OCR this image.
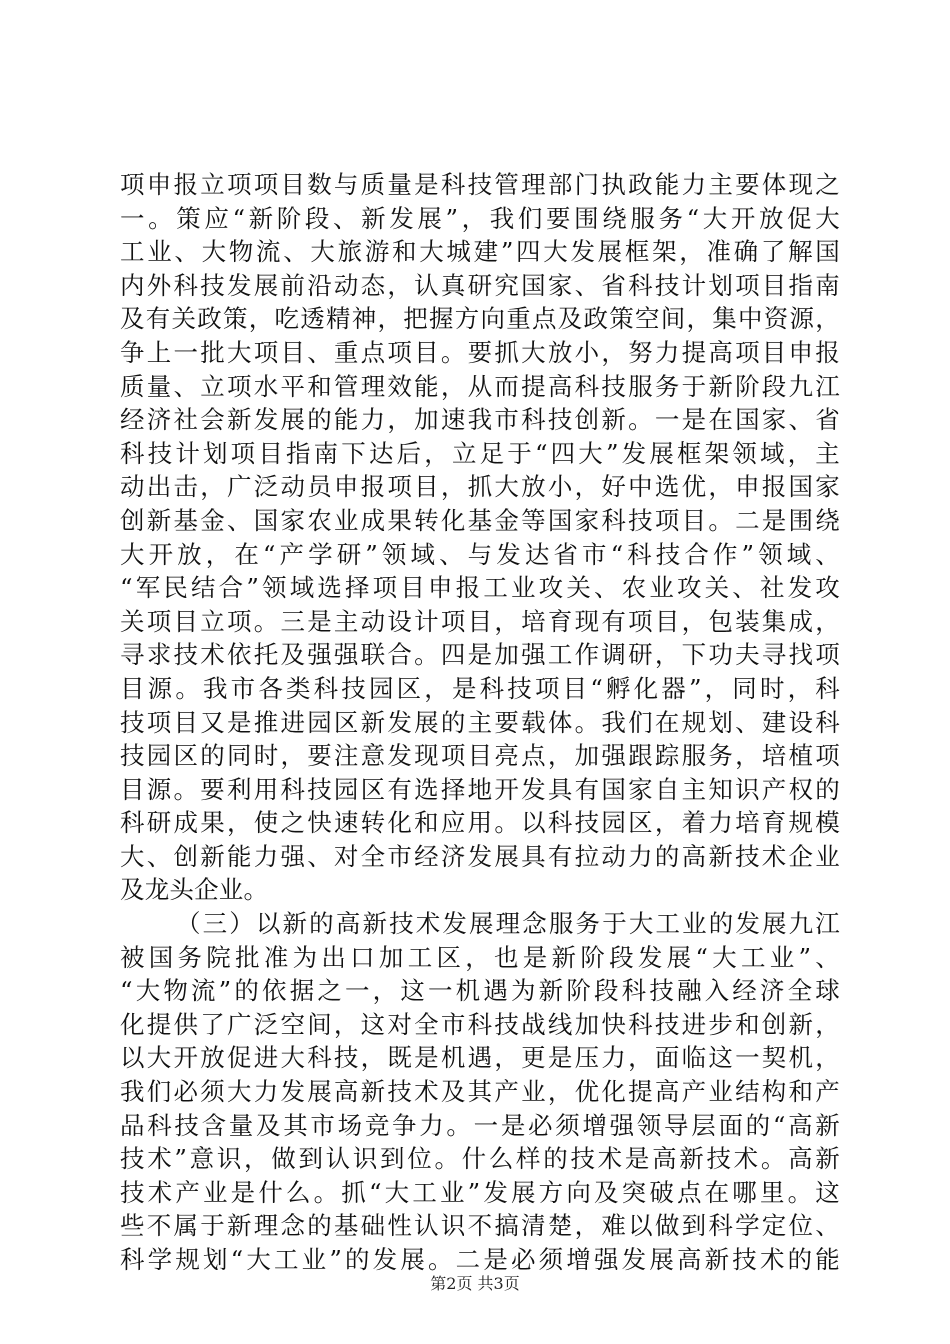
项申报立项项目数与质量是科技管理部门执政能力主要体现之
一。策应“新阶段、新发展”，我们要围绕服务“大开放促大
工业、大物流、大旅游和大城建”四大发展框架，准确了解国
内外科技发展前沿动态，认真研究国家、省科技计划项目指南
及有关政策，吃透精神，把握方向重点及政策空间，集中资源，
争上一批大项目、重点项目。要抓大放小，努力提高项目申报
质量、立项水平和管理效能，从而提高科技服务于新阶段九江
经济社会新发展的能力，加速我市科技创新。一是在国家、省
科技计划项目指南下达后，立足于“四大”发展框架领域，主
动出击，广泛动员申报项目，抓大放小，好中选优，申报国家
创新基金、国家农业成果转化基金等国家科技项目。二是围绕
大开放，在“产学研”领域、与发达省市“科技合作”领域、
“军民结合”领域选择项目申报工业攻关、农业攻关、社发攻
关项目立项。三是主动设计项目，培育现有项目，包装集成，
寻求技术依托及强强联合。四是加强工作调研，下功夫寻找项
目源。我市各类科技园区，是科技项目“孵化器”，同时，科
技项目又是推进园区新发展的主要载体。我们在规划、建设科
技园区的同时，要注意发现项目亮点，加强跟踪服务，培植项
目源。要利用科技园区有选择地开发具有国家自主知识产权的
科研成果，使之快速转化和应用。以科技园区，着力培育规模
大、创新能力强、对全市经济发展具有拉动力的高新技术企业
及龙头企业。
（三）以新的高新技术发展理念服务于大工业的发展九江
被国务院批准为出口加工区，也是新阶段发展“大工业”、
“大物流”的依据之一，这一机遇为新阶段科技融入经济全球
化提供了广泛空间，这对全市科技战线加快科技进步和创新，
以大开放促进大科技，既是机遇，更是压力，面临这一契机，
我们必须大力发展高新技术及其产业，优化提高产业结构和产
品科技含量及其市场竞争力。一是必须增强领导层面的“高新
技术”意识，做到认识到位。什么样的技术是高新技术。高新
技术产业是什么。抓“大工业”发展方向及突破点在哪里。这
些不属于新理念的基础性认识不搞清楚，难以做到科学定位、
科学规划“大工业”的发展。二是必须增强发展高新技术的能
第2页 共3页
